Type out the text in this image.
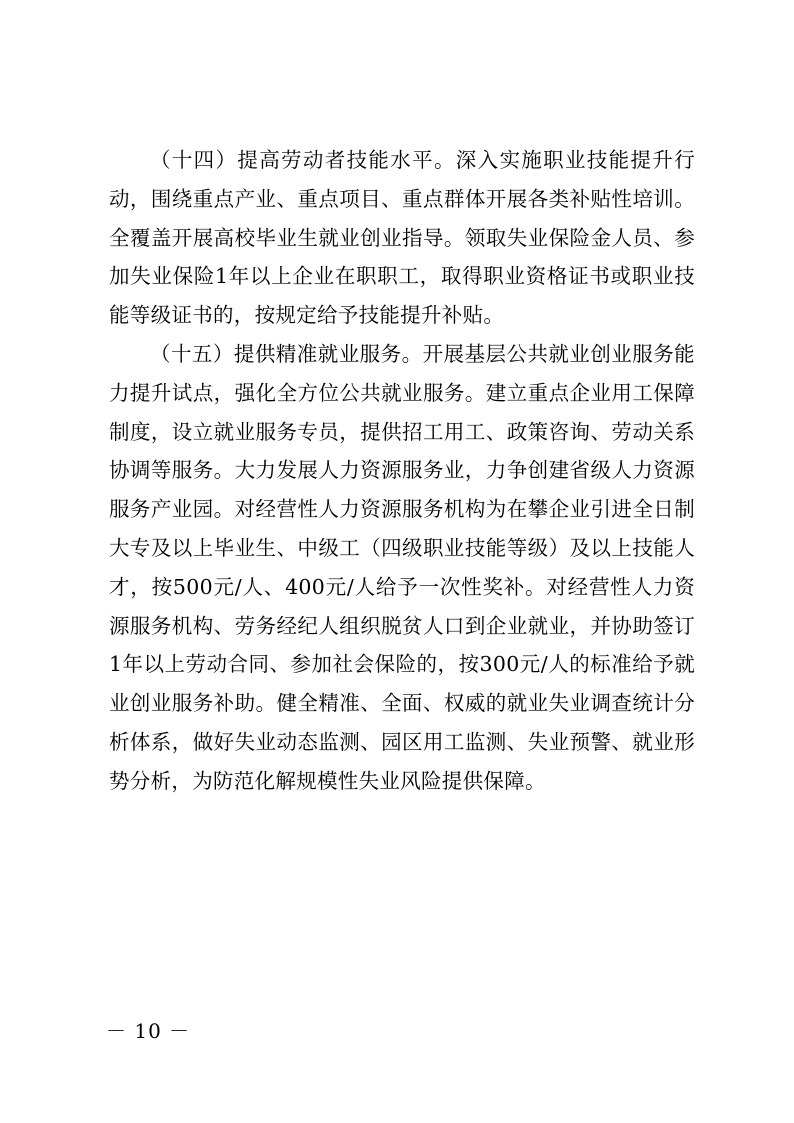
（十四）提高劳动者技能水平。深入实施职业技能提升行动，围绕重点产业、重点项目、重点群体开展各类补贴性培训。全覆盖开展高校毕业生就业创业指导。领取失业保险金人员、参加失业保险1年以上企业在职职工，取得职业资格证书或职业技能等级证书的，按规定给予技能提升补贴。

（十五）提供精准就业服务。开展基层公共就业创业服务能力提升试点，强化全方位公共就业服务。建立重点企业用工保障制度，设立就业服务专员，提供招工用工、政策咨询、劳动关系协调等服务。大力发展人力资源服务业，力争创建省级人力资源服务产业园。对经营性人力资源服务机构为在攀企业引进全日制大专及以上毕业生、中级工（四级职业技能等级）及以上技能人才，按500元/人、400元/人给予一次性奖补。对经营性人力资源服务机构、劳务经纪人组织脱贫人口到企业就业，并协助签订1年以上劳动合同、参加社会保险的，按300元/人的标准给予就业创业服务补助。健全精准、全面、权威的就业失业调查统计分析体系，做好失业动态监测、园区用工监测、失业预警、就业形势分析，为防范化解规模性失业风险提供保障。

－ 10 －
